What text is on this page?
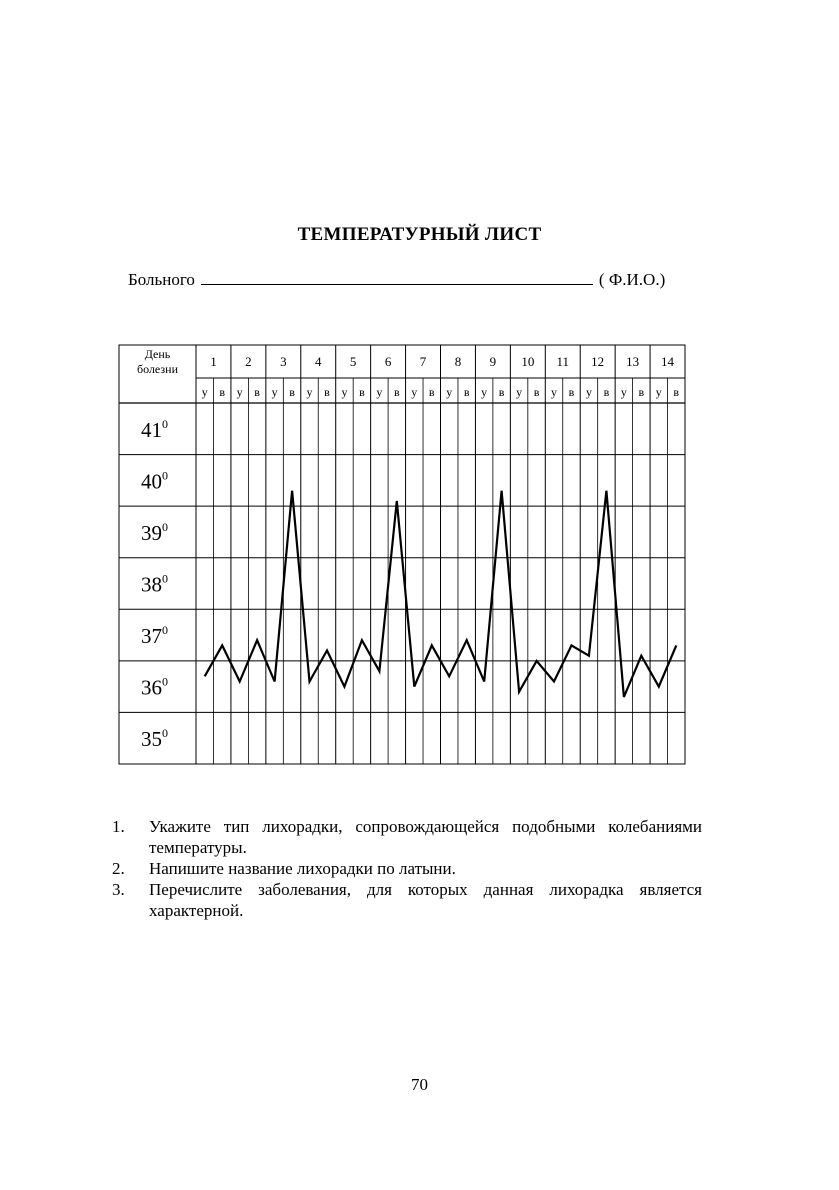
ТЕМПЕРАТУРНЫЙ ЛИСТ
Больного	( Ф.И.О.)
День
болезни 1 2 3 4 5 6 7 8 9 10 11 12 13 14
у в у в у в у в у в у в у в у в у в у в у в у в у в у в
$41^0$
$40^0$
$39^0$
$38^0$
$37^0$
$36^0$
$35^0$
1.	Укажите тип лихорадки, сопровождающейся подобными колебаниями температуры.
2.	Напишите название лихорадки по латыни.
3.	Перечислите заболевания, для которых данная лихорадка является характерной.
70
